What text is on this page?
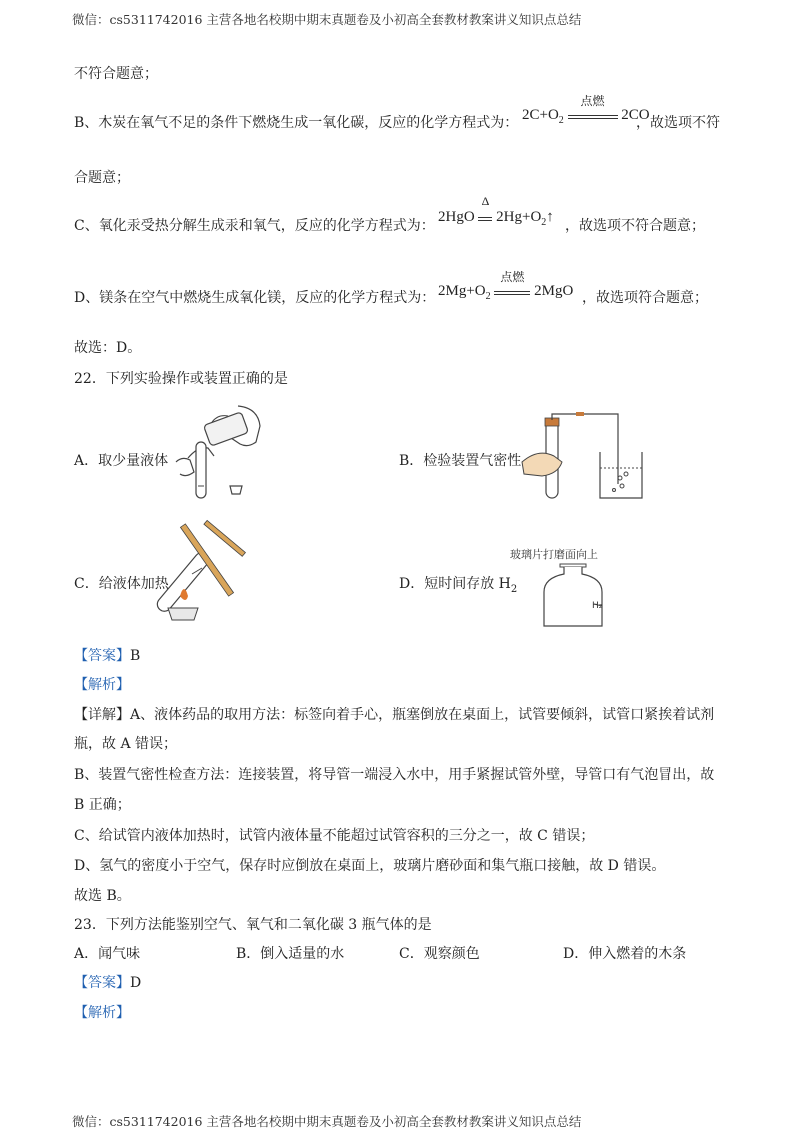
微信：cs5311742016 主营各地名校期中期末真题卷及小初高全套教材教案讲义知识点总结
不符合题意；
B、木炭在氧气不足的条件下燃烧生成一氧化碳，反应的化学方程式为： $2C+O_2$
点燃
2CO
，故选项不符
合题意；
C、氧化汞受热分解生成汞和氧气，反应的化学方程式为：
2HgO
Δ
$2Hg+O_2↑$
，故选项不符合题意；
D、镁条在空气中燃烧生成氧化镁，反应的化学方程式为： $2Mg+O_2$
点燃
2MgO ，故选项符合题意；
故选：D。
22．下列实验操作或装置正确的是
A．取少量液体	B．检验装置气密性
C．给液体加热	D．短时间存放 $H_2$
玻璃片打磨面向上
H₂
【答案】B
【解析】
【详解】A、液体药品的取用方法：标签向着手心，瓶塞倒放在桌面上，试管要倾斜，试管口紧挨着试剂
瓶，故 A 错误；
B、装置气密性检查方法：连接装置，将导管一端浸入水中，用手紧握试管外壁，导管口有气泡冒出，故
B 正确；
C、给试管内液体加热时，试管内液体量不能超过试管容积的三分之一，故 C 错误；
D、氢气的密度小于空气，保存时应倒放在桌面上，玻璃片磨砂面和集气瓶口接触，故 D 错误。
故选 B。
23．下列方法能鉴别空气、氧气和二氧化碳 3 瓶气体的是
A．闻气味	B．倒入适量的水	C．观察颜色	D．伸入燃着的木条
【答案】D
【解析】
微信：cs5311742016 主营各地名校期中期末真题卷及小初高全套教材教案讲义知识点总结
